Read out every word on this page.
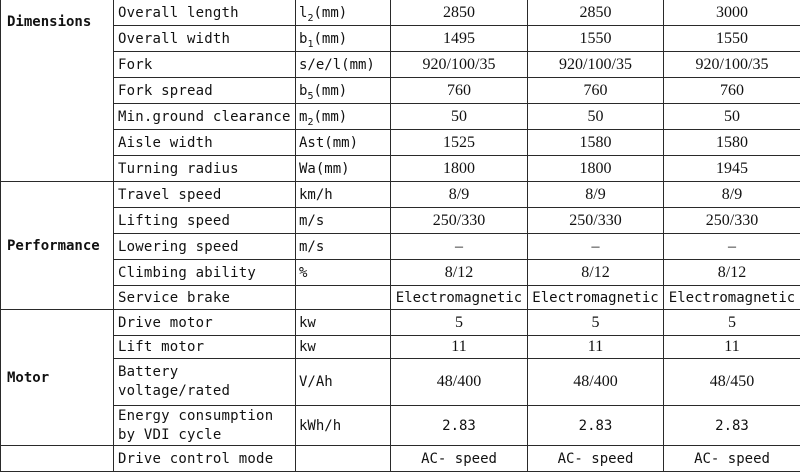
Dimensions	Overall length	$l_2(mm)$	2850	2850	3000
	Overall width	$b_1(mm)$	1495	1550	1550
	Fork	s/e/l(mm)	920/100/35	920/100/35	920/100/35
	Fork spread	$b_5(mm)$	760	760	760
	Min.ground clearance	$m_2(mm)$	50	50	50
	Aisle width	Ast(mm)	1525	1580	1580
	Turning radius	Wa(mm)	1800	1800	1945
Performance	Travel speed	km/h	8/9	8/9	8/9
	Lifting speed	m/s	250/330	250/330	250/330
	Lowering speed	m/s	–	–	–
	Climbing ability	%	8/12	8/12	8/12
	Service brake		Electromagnetic	Electromagnetic	Electromagnetic
Motor	Drive motor	kw	5	5	5
	Lift motor	kw	11	11	11
	Battery voltage/rated	V/Ah	48/400	48/400	48/450
	Energy consumption by VDI cycle	kWh/h	2.83	2.83	2.83
	Drive control mode		AC- speed	AC- speed	AC- speed
